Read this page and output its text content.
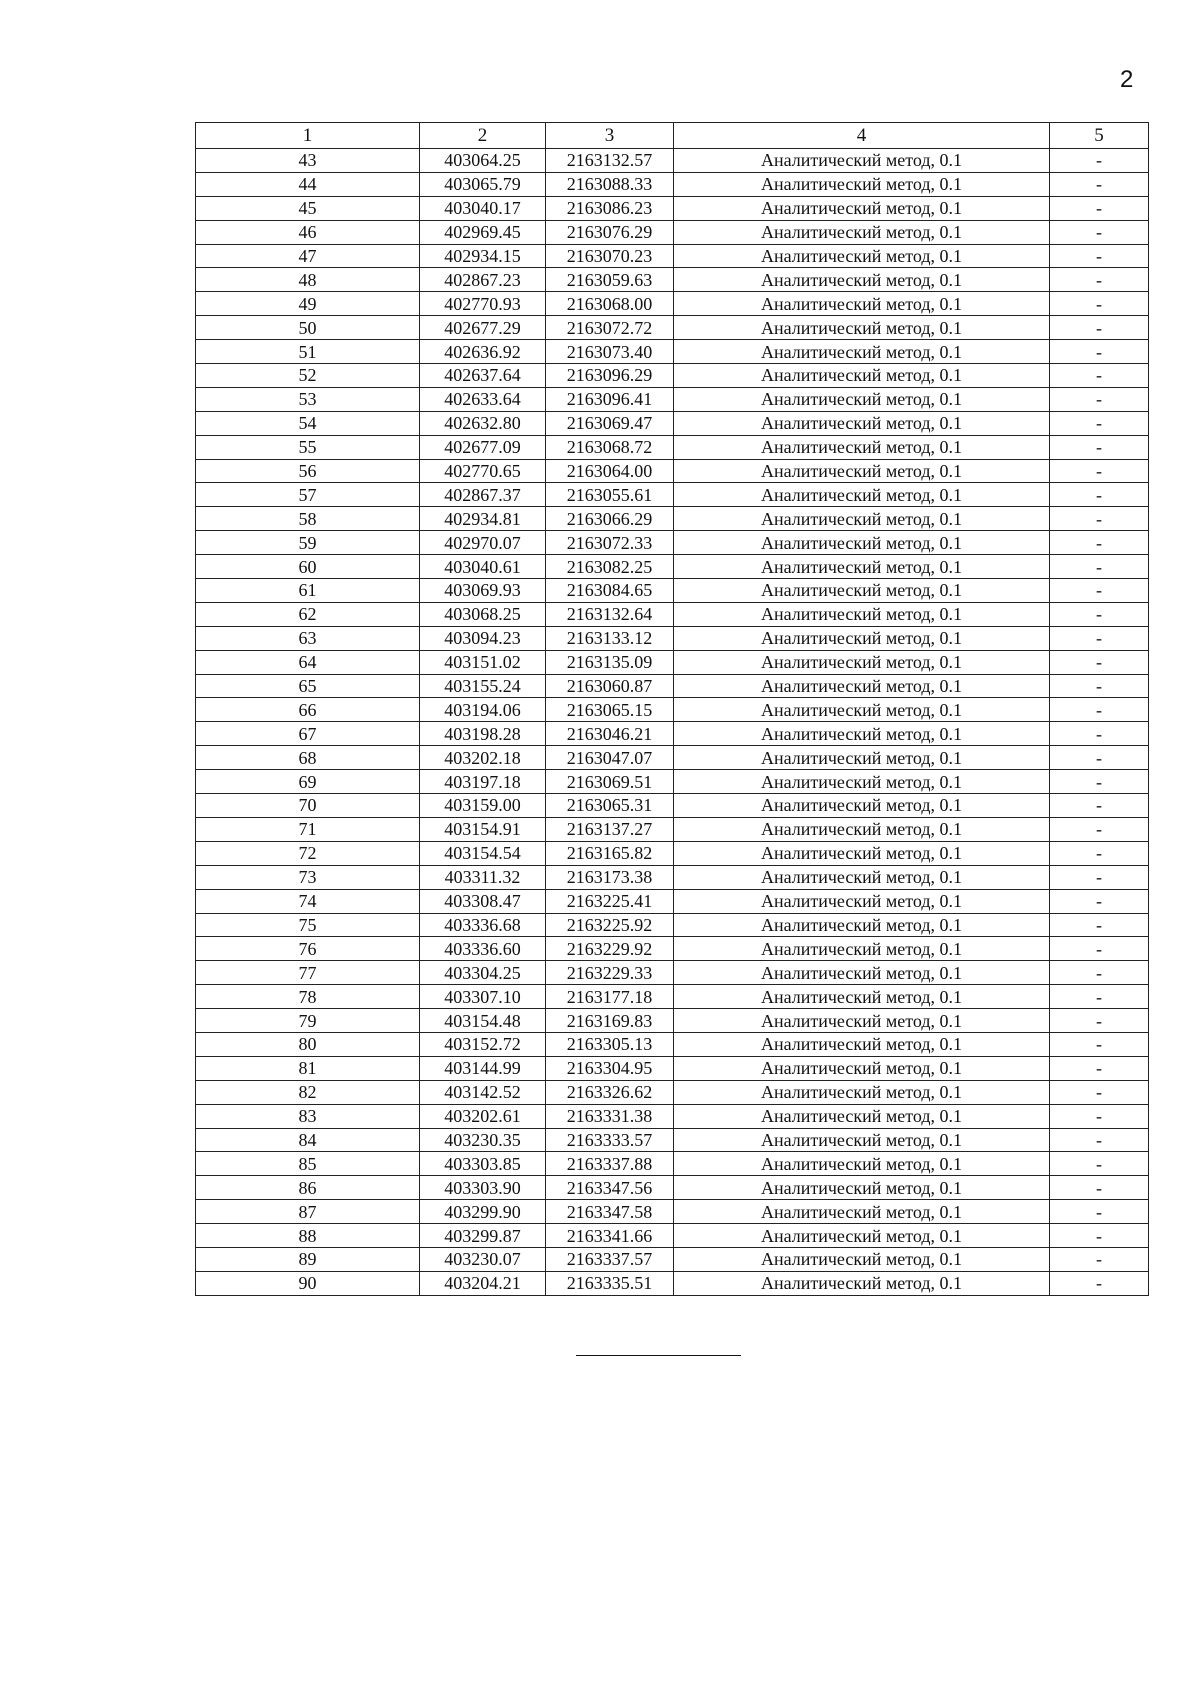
2
1	2	3	4	5
43	403064.25	2163132.57	Аналитический метод, 0.1	-
44	403065.79	2163088.33	Аналитический метод, 0.1	-
45	403040.17	2163086.23	Аналитический метод, 0.1	-
46	402969.45	2163076.29	Аналитический метод, 0.1	-
47	402934.15	2163070.23	Аналитический метод, 0.1	-
48	402867.23	2163059.63	Аналитический метод, 0.1	-
49	402770.93	2163068.00	Аналитический метод, 0.1	-
50	402677.29	2163072.72	Аналитический метод, 0.1	-
51	402636.92	2163073.40	Аналитический метод, 0.1	-
52	402637.64	2163096.29	Аналитический метод, 0.1	-
53	402633.64	2163096.41	Аналитический метод, 0.1	-
54	402632.80	2163069.47	Аналитический метод, 0.1	-
55	402677.09	2163068.72	Аналитический метод, 0.1	-
56	402770.65	2163064.00	Аналитический метод, 0.1	-
57	402867.37	2163055.61	Аналитический метод, 0.1	-
58	402934.81	2163066.29	Аналитический метод, 0.1	-
59	402970.07	2163072.33	Аналитический метод, 0.1	-
60	403040.61	2163082.25	Аналитический метод, 0.1	-
61	403069.93	2163084.65	Аналитический метод, 0.1	-
62	403068.25	2163132.64	Аналитический метод, 0.1	-
63	403094.23	2163133.12	Аналитический метод, 0.1	-
64	403151.02	2163135.09	Аналитический метод, 0.1	-
65	403155.24	2163060.87	Аналитический метод, 0.1	-
66	403194.06	2163065.15	Аналитический метод, 0.1	-
67	403198.28	2163046.21	Аналитический метод, 0.1	-
68	403202.18	2163047.07	Аналитический метод, 0.1	-
69	403197.18	2163069.51	Аналитический метод, 0.1	-
70	403159.00	2163065.31	Аналитический метод, 0.1	-
71	403154.91	2163137.27	Аналитический метод, 0.1	-
72	403154.54	2163165.82	Аналитический метод, 0.1	-
73	403311.32	2163173.38	Аналитический метод, 0.1	-
74	403308.47	2163225.41	Аналитический метод, 0.1	-
75	403336.68	2163225.92	Аналитический метод, 0.1	-
76	403336.60	2163229.92	Аналитический метод, 0.1	-
77	403304.25	2163229.33	Аналитический метод, 0.1	-
78	403307.10	2163177.18	Аналитический метод, 0.1	-
79	403154.48	2163169.83	Аналитический метод, 0.1	-
80	403152.72	2163305.13	Аналитический метод, 0.1	-
81	403144.99	2163304.95	Аналитический метод, 0.1	-
82	403142.52	2163326.62	Аналитический метод, 0.1	-
83	403202.61	2163331.38	Аналитический метод, 0.1	-
84	403230.35	2163333.57	Аналитический метод, 0.1	-
85	403303.85	2163337.88	Аналитический метод, 0.1	-
86	403303.90	2163347.56	Аналитический метод, 0.1	-
87	403299.90	2163347.58	Аналитический метод, 0.1	-
88	403299.87	2163341.66	Аналитический метод, 0.1	-
89	403230.07	2163337.57	Аналитический метод, 0.1	-
90	403204.21	2163335.51	Аналитический метод, 0.1	-
